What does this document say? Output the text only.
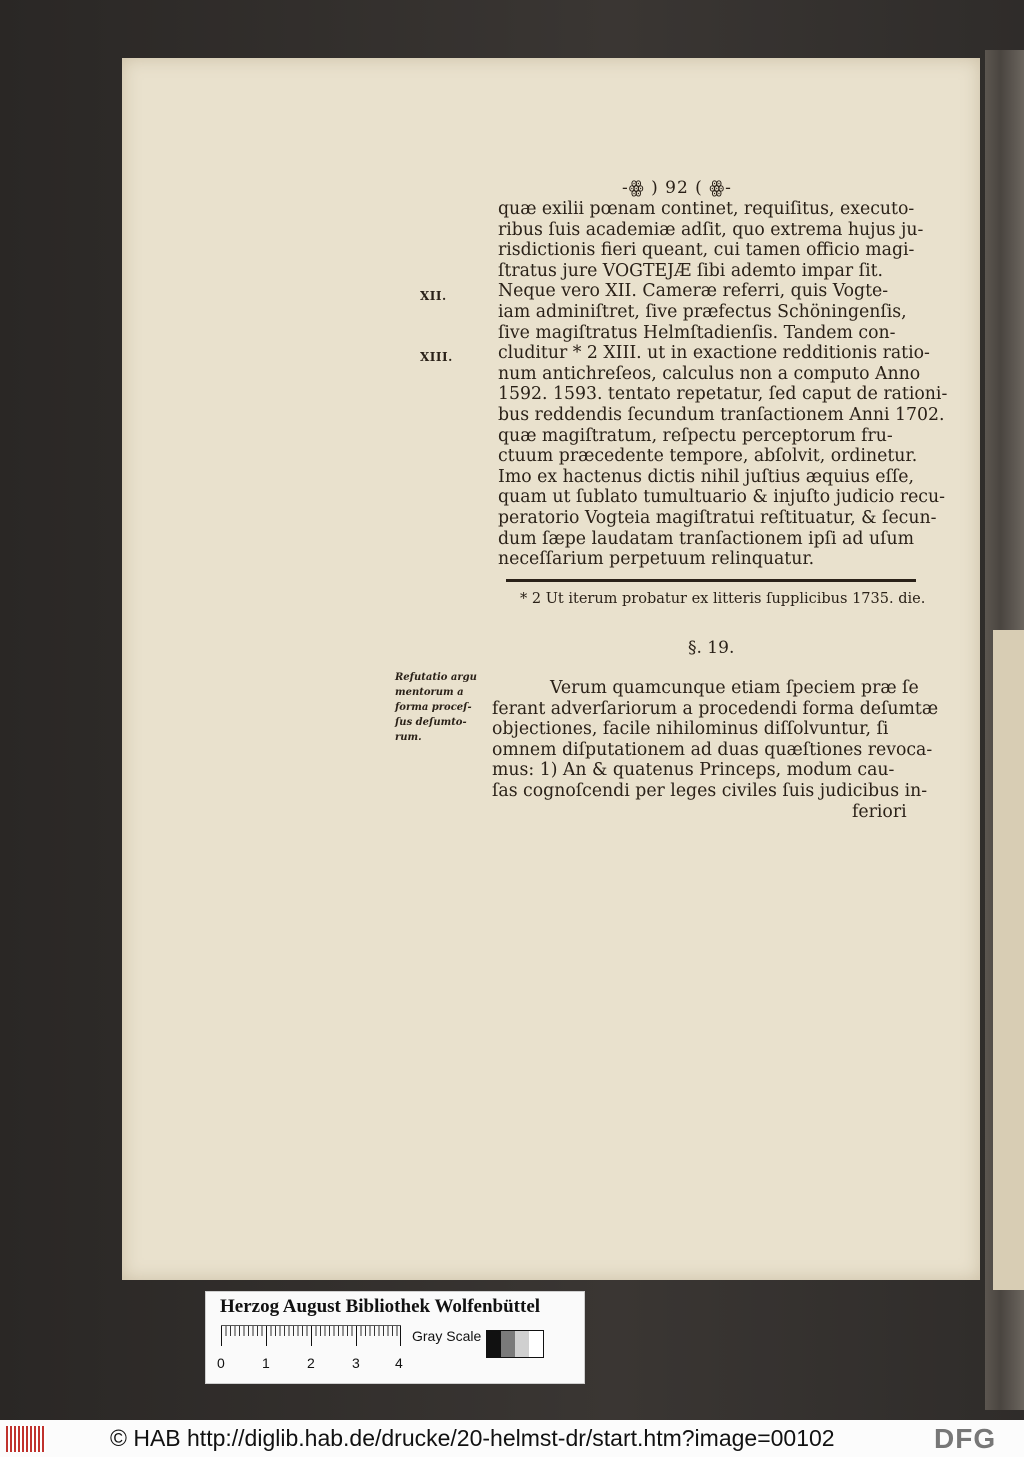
-ꙮ ) 92 ( ꙮ-
quæ exilii pœnam continet, requiſitus, executo-
ribus ſuis academiæ adſit, quo extrema hujus ju-
risdictionis fieri queant, cui tamen officio magi-
ſtratus jure VOGTEJÆ ſibi ademto impar ſit.
Neque vero XII. Cameræ referri, quis Vogte-
iam adminiſtret, ſive præfectus Schöningenſis,
ſive magiſtratus Helmſtadienſis. Tandem con-
cluditur * 2 XIII. ut in exactione redditionis ratio-
num antichreſeos, calculus non a computo Anno
1592. 1593. tentato repetatur, ſed caput de rationi-
bus reddendis ſecundum tranſactionem Anni 1702.
quæ magiſtratum, reſpectu perceptorum fru-
ctuum præcedente tempore, abſolvit, ordinetur.
Imo ex hactenus dictis nihil juſtius æquius eſſe,
quam ut ſublato tumultuario & injuſto judicio recu-
peratorio Vogteia magiſtratui reſtituatur, & ſecun-
dum ſæpe laudatam tranſactionem ipſi ad uſum
neceſſarium perpetuum relinquatur.
XII.
XIII.
* 2 Ut iterum probatur ex litteris ſupplicibus 1735. die.
§. 19.
Refutatio argu
mentorum a
forma proceſ-
ſus deſumto-
rum.
Verum quamcunque etiam ſpeciem præ ſe
ferant adverſariorum a procedendi forma deſumtæ
objectiones, facile nihilominus diſſolvuntur, ſi
omnem diſputationem ad duas quæſtiones revoca-
mus: 1) An & quatenus Princeps, modum cau-
ſas cognoſcendi per leges civiles ſuis judicibus in-
feriori
Herzog August Bibliothek Wolfenbüttel
0	1	2	3	4
Gray Scale
© HAB http://diglib.hab.de/drucke/20-helmst-dr/start.htm?image=00102	DFG
